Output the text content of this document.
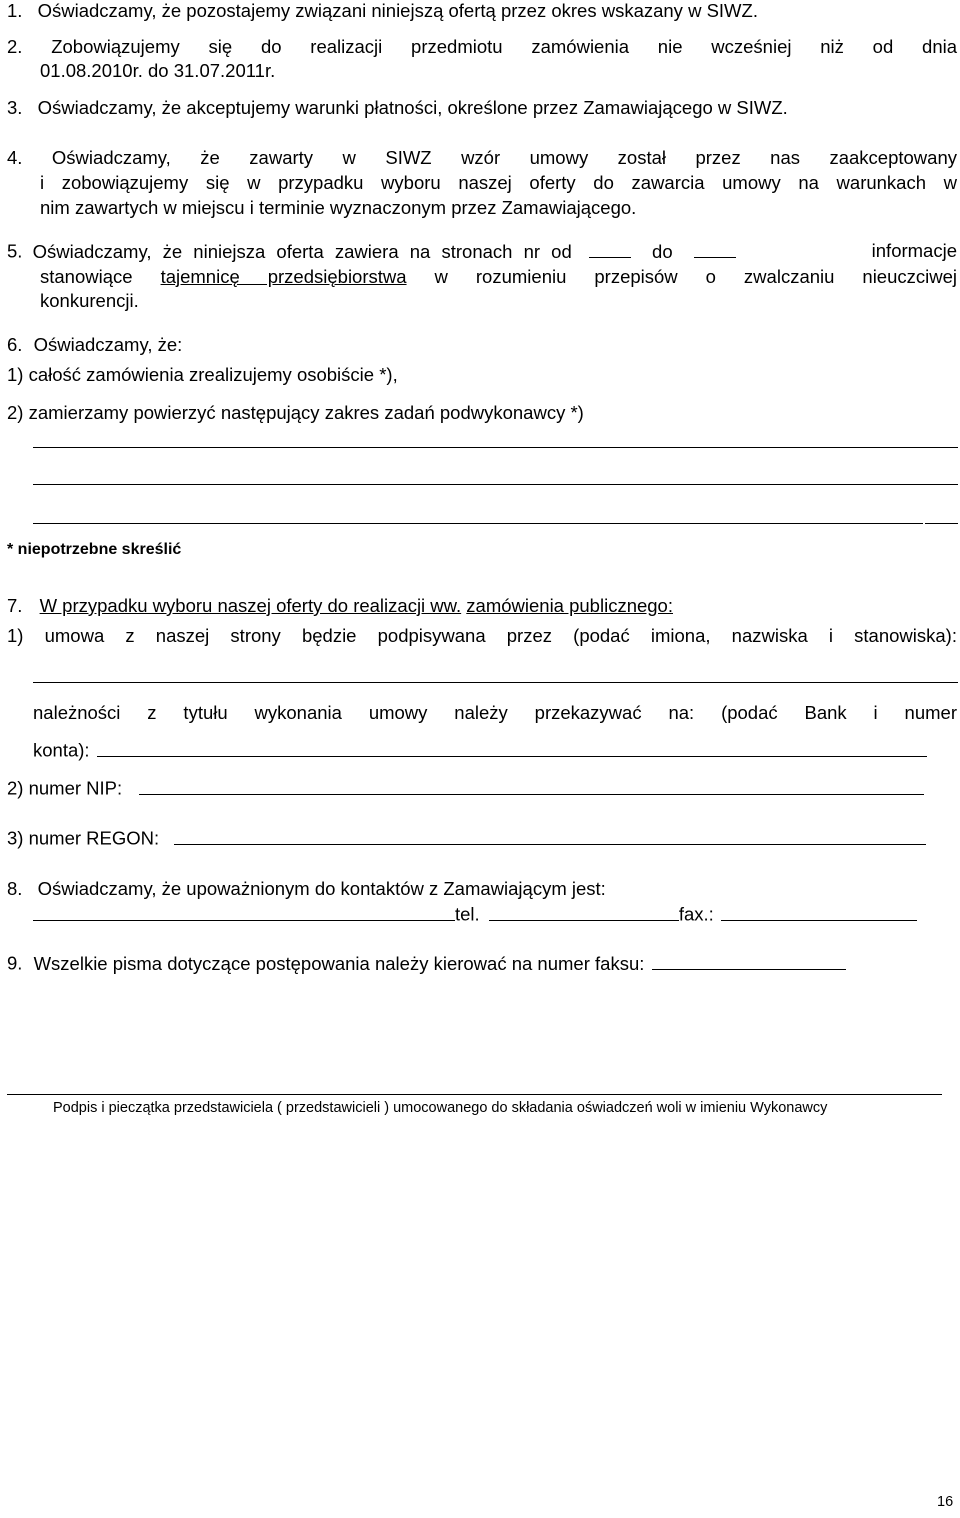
1. Oświadczamy, że pozostajemy związani niniejszą ofertą przez okres wskazany w SIWZ.
2. Zobowiązujemy się do realizacji przedmiotu zamówienia nie wcześniej niż od dnia
01.08.2010r. do 31.07.2011r.
3. Oświadczamy, że akceptujemy warunki płatności, określone przez Zamawiającego w SIWZ.
4. Oświadczamy, że zawarty w SIWZ wzór umowy został przez nas zaakceptowany
i zobowiązujemy się w przypadku wyboru naszej oferty do zawarcia umowy na warunkach w
nim zawartych w miejscu i terminie wyznaczonym przez Zamawiającego.
5. Oświadczamy, że niniejsza oferta zawiera na stronach nr od	do	informacje
stanowiące tajemnicę przedsiębiorstwa w rozumieniu przepisów o zwalczaniu nieuczciwej
konkurencji.
6. Oświadczamy, że:
1) całość zamówienia zrealizujemy osobiście *),
2) zamierzamy powierzyć następujący zakres zadań podwykonawcy *)
* niepotrzebne skreślić
7. W przypadku wyboru naszej oferty do realizacji ww. zamówienia publicznego:
1) umowa z naszej strony będzie podpisywana przez (podać imiona, nazwiska i stanowiska):
należności z tytułu wykonania umowy należy przekazywać na: (podać Bank i numer
konta):
2) numer NIP:
3) numer REGON:
8. Oświadczamy, że upoważnionym do kontaktów z Zamawiającym jest:
tel.	fax.:
9. Wszelkie pisma dotyczące postępowania należy kierować na numer faksu:
Podpis i pieczątka przedstawiciela ( przedstawicieli ) umocowanego do składania oświadczeń woli w imieniu Wykonawcy
16
